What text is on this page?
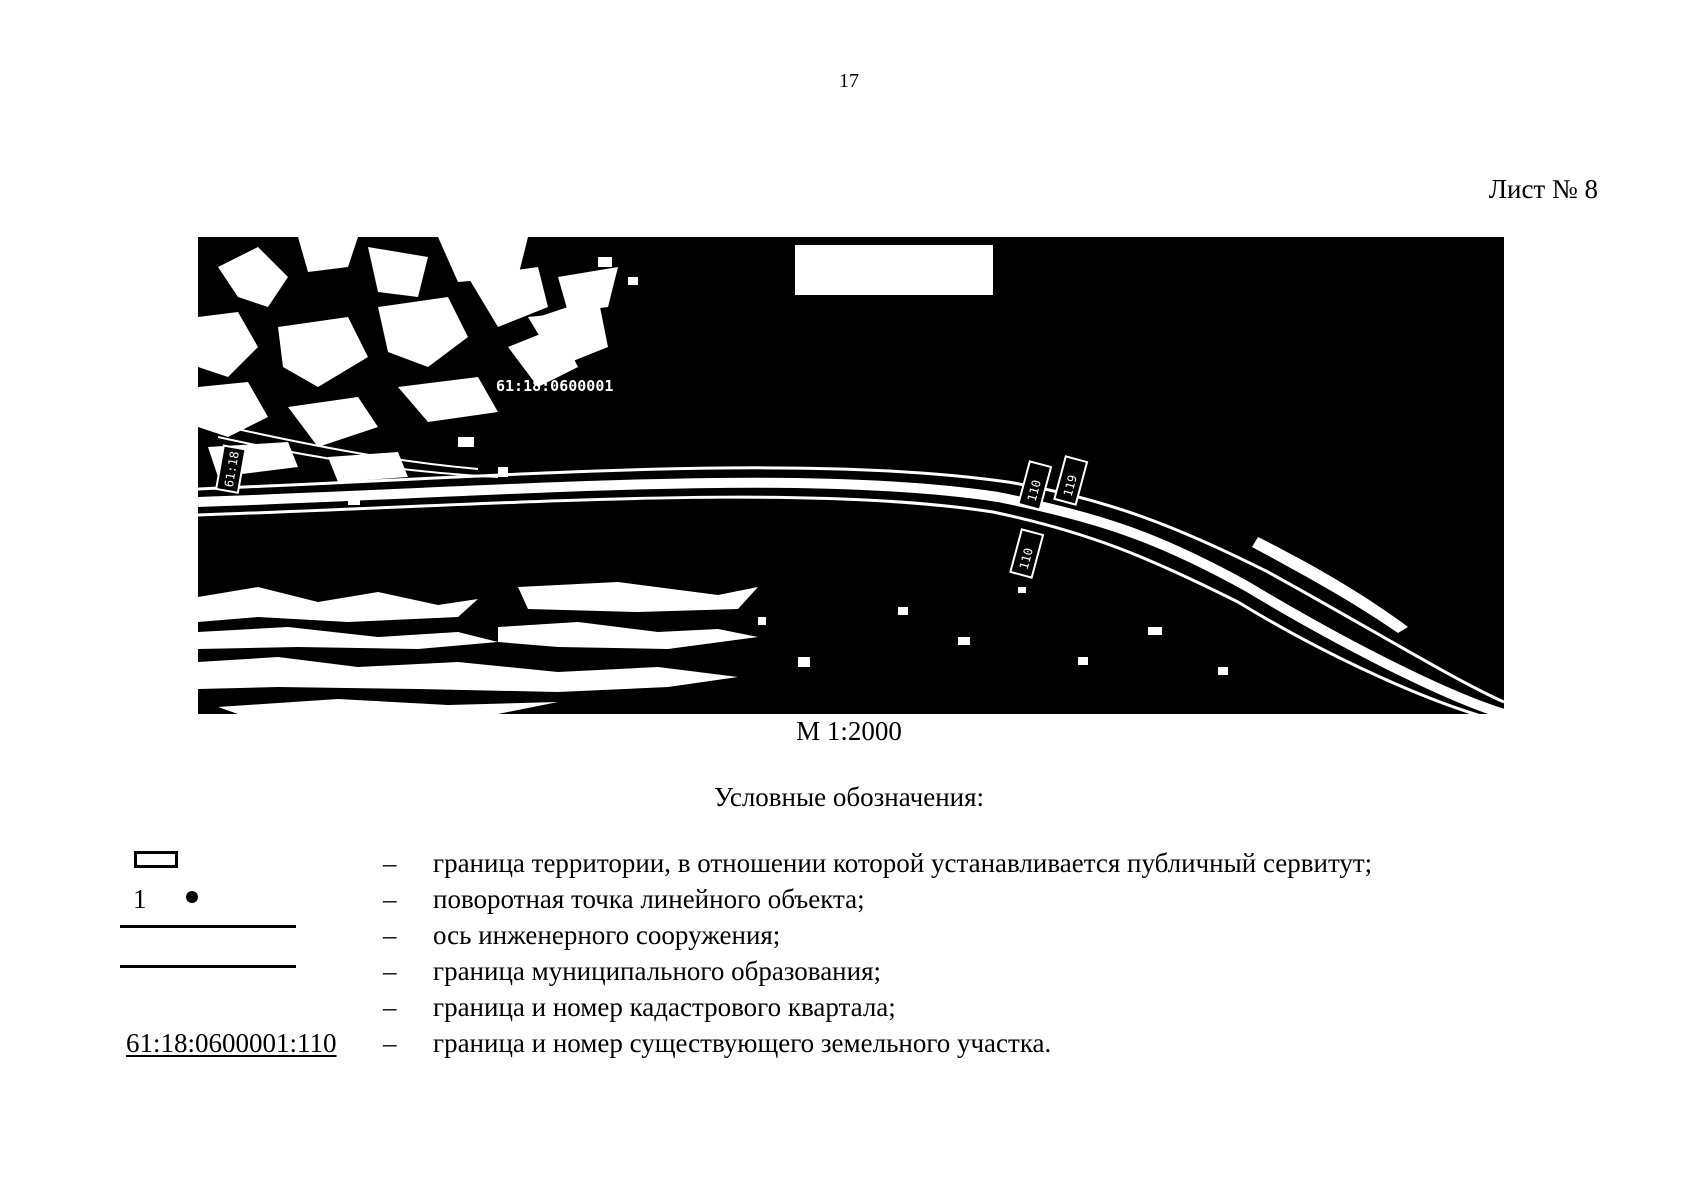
17
Лист № 8
61:18:0600001
61:18
110 119
110
М 1:2000
Условные обозначения:
– граница территории, в отношении которой устанавливается публичный сервитут;
1	– поворотная точка линейного объекта;
– ось инженерного сооружения;
– граница муниципального образования;
– граница и номер кадастрового квартала;
61:18:0600001:110 – граница и номер существующего земельного участка.
